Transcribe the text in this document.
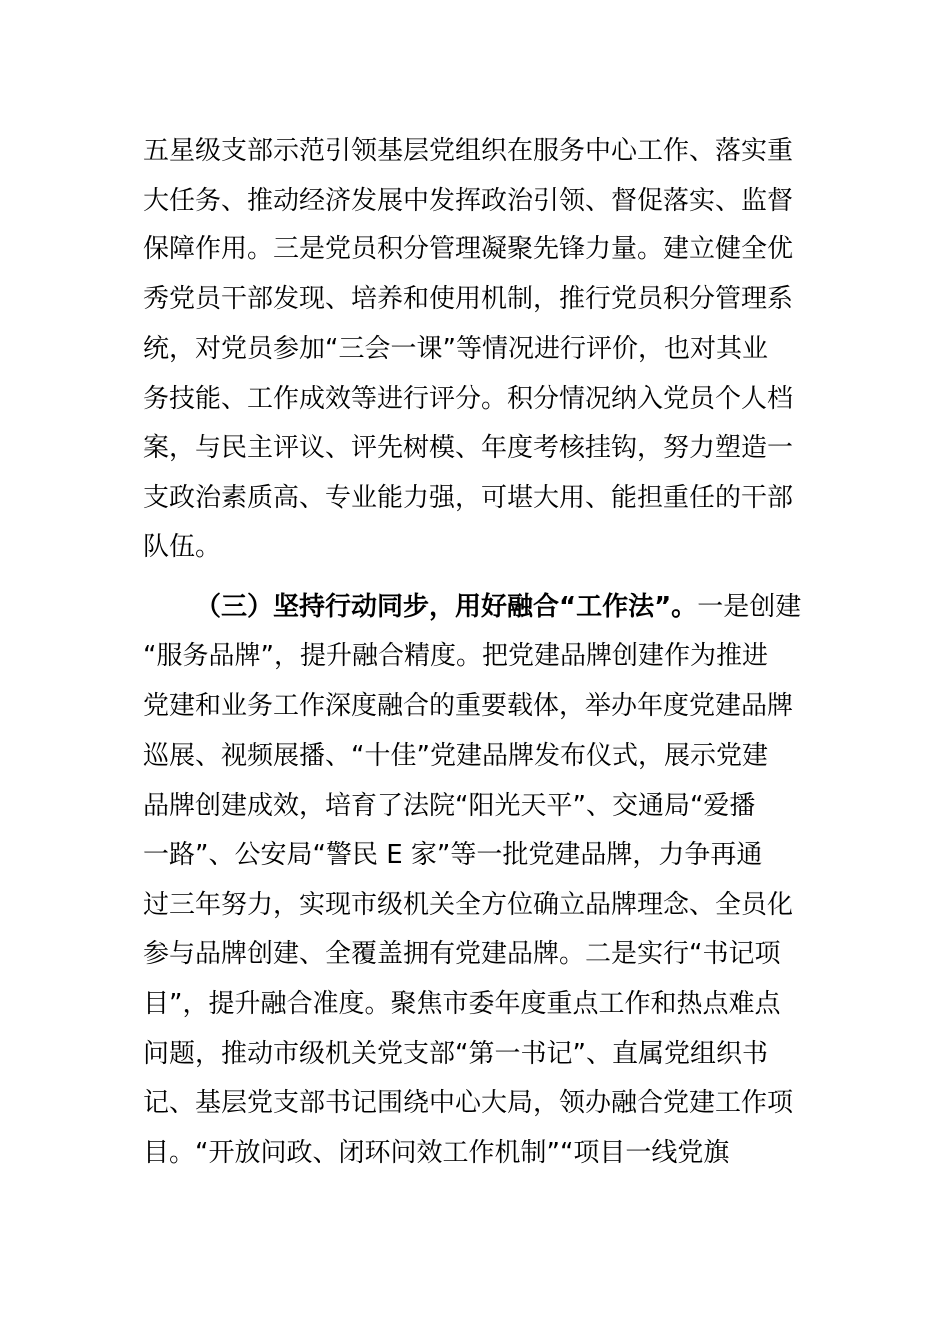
五星级支部示范引领基层党组织在服务中心工作、落实重
大任务、推动经济发展中发挥政治引领、督促落实、监督
保障作用。三是党员积分管理凝聚先锋力量。建立健全优
秀党员干部发现、培养和使用机制，推行党员积分管理系
统，对党员参加“三会一课”等情况进行评价，也对其业
务技能、工作成效等进行评分。积分情况纳入党员个人档
案，与民主评议、评先树模、年度考核挂钩，努力塑造一
支政治素质高、专业能力强，可堪大用、能担重任的干部
队伍。
（三）坚持行动同步，用好融合“工作法”。一是创建
“服务品牌”，提升融合精度。把党建品牌创建作为推进
党建和业务工作深度融合的重要载体，举办年度党建品牌
巡展、视频展播、“十佳”党建品牌发布仪式，展示党建
品牌创建成效，培育了法院“阳光天平”、交通局“爱播
一路”、公安局“警民 E 家”等一批党建品牌，力争再通
过三年努力，实现市级机关全方位确立品牌理念、全员化
参与品牌创建、全覆盖拥有党建品牌。二是实行“书记项
目”，提升融合准度。聚焦市委年度重点工作和热点难点
问题，推动市级机关党支部“第一书记”、直属党组织书
记、基层党支部书记围绕中心大局，领办融合党建工作项
目。“开放问政、闭环问效工作机制”“项目一线党旗
